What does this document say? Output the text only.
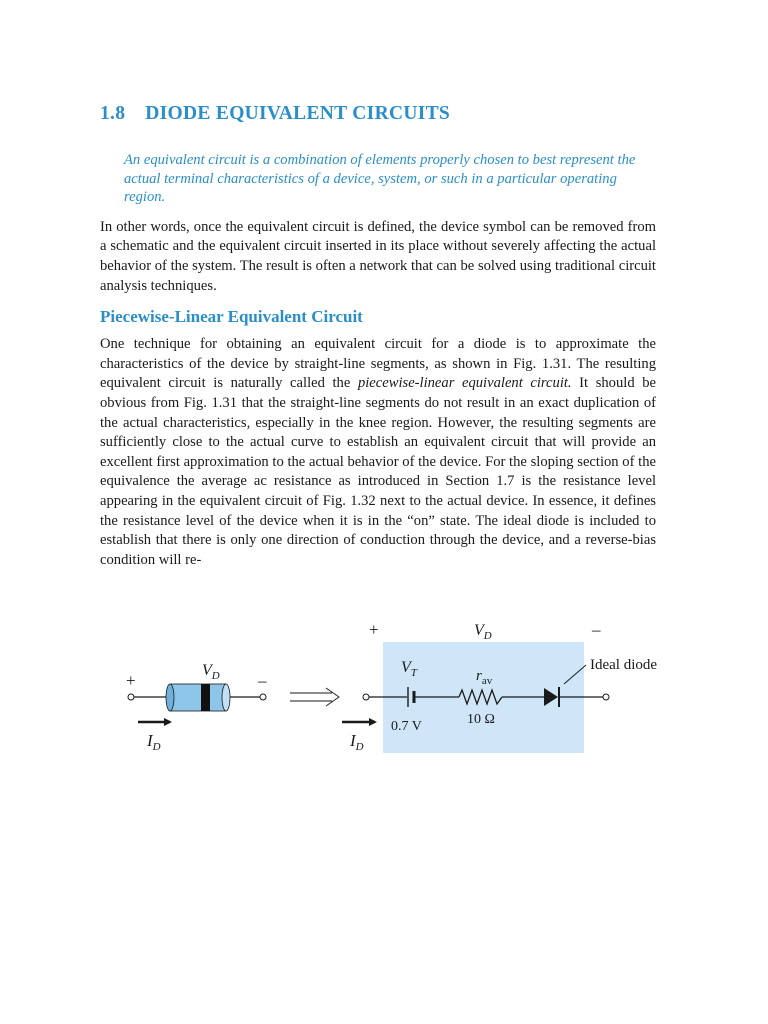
1.8 DIODE EQUIVALENT CIRCUITS

An equivalent circuit is a combination of elements properly chosen to best represent the actual terminal characteristics of a device, system, or such in a particular operating region.

In other words, once the equivalent circuit is defined, the device symbol can be removed from a schematic and the equivalent circuit inserted in its place without severely affecting the actual behavior of the system. The result is often a network that can be solved using traditional circuit analysis techniques.

Piecewise-Linear Equivalent Circuit

One technique for obtaining an equivalent circuit for a diode is to approximate the characteristics of the device by straight-line segments, as shown in Fig. 1.31. The resulting equivalent circuit is naturally called the piecewise-linear equivalent circuit. It should be obvious from Fig. 1.31 that the straight-line segments do not result in an exact duplication of the actual characteristics, especially in the knee region. However, the resulting segments are sufficiently close to the actual curve to establish an equivalent circuit that will provide an excellent first approximation to the actual behavior of the device. For the sloping section of the equivalence the average ac resistance as introduced in Section 1.7 is the resistance level appearing in the equivalent circuit of Fig. 1.32 next to the actual device. In essence, it defines the resistance level of the device when it is in the “on” state. The ideal diode is included to establish that there is only one direction of conduction through the device, and a reverse-bias condition will re-

+	–
$V_D$
$I_D$
+	$V_D$	–
$V_T$
0.7 V
$r_{av}$
10 Ω
Ideal diode
$I_D$
